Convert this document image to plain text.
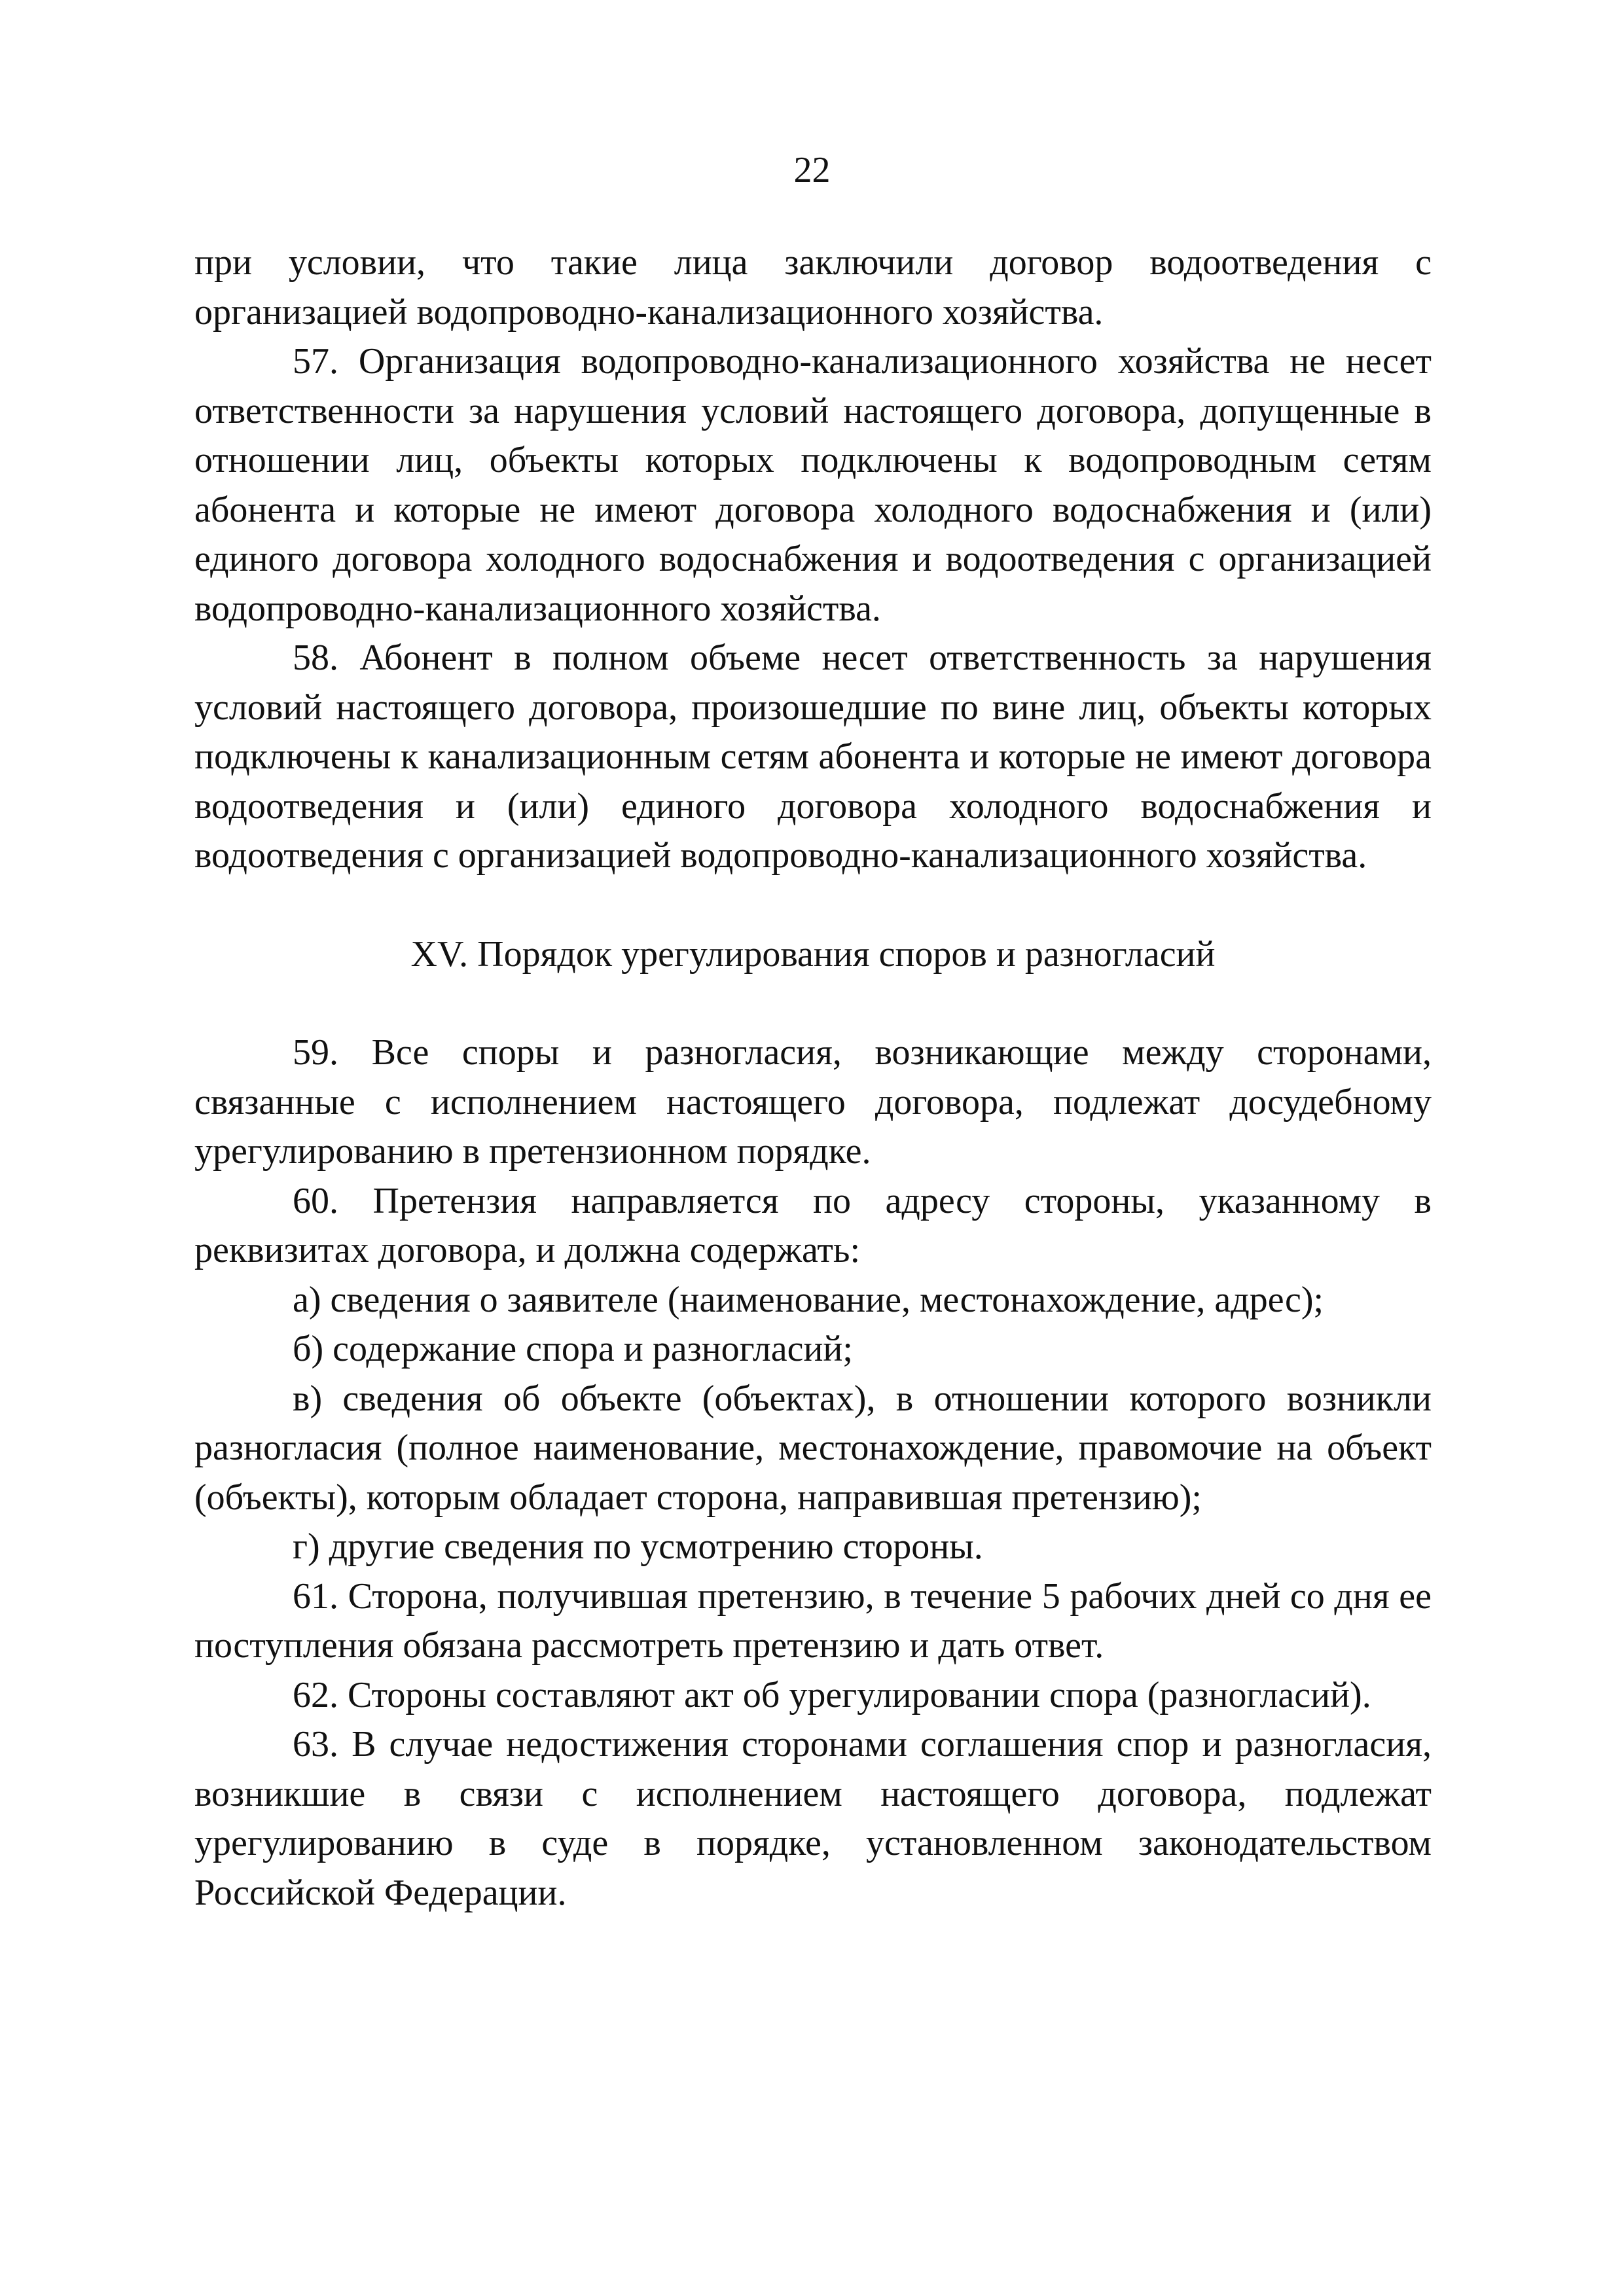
22

при условии, что такие лица заключили договор водоотведения с организацией водопроводно-канализационного хозяйства.

57. Организация водопроводно-канализационного хозяйства не несет ответственности за нарушения условий настоящего договора, допущенные в отношении лиц, объекты которых подключены к водопроводным сетям абонента и которые не имеют договора холодного водоснабжения и (или) единого договора холодного водоснабжения и водоотведения с организацией водопроводно-канализационного хозяйства.

58. Абонент в полном объеме несет ответственность за нарушения условий настоящего договора, произошедшие по вине лиц, объекты которых подключены к канализационным сетям абонента и которые не имеют договора водоотведения и (или) единого договора холодного водоснабжения и водоотведения с организацией водопроводно-канализационного хозяйства.

XV. Порядок урегулирования споров и разногласий

59. Все споры и разногласия, возникающие между сторонами, связанные с исполнением настоящего договора, подлежат досудебному урегулированию в претензионном порядке.

60. Претензия направляется по адресу стороны, указанному в реквизитах договора, и должна содержать:

а) сведения о заявителе (наименование, местонахождение, адрес);

б) содержание спора и разногласий;

в) сведения об объекте (объектах), в отношении которого возникли разногласия (полное наименование, местонахождение, правомочие на объект (объекты), которым обладает сторона, направившая претензию);

г) другие сведения по усмотрению стороны.

61. Сторона, получившая претензию, в течение 5 рабочих дней со дня ее поступления обязана рассмотреть претензию и дать ответ.

62. Стороны составляют акт об урегулировании спора (разногласий).

63. В случае недостижения сторонами соглашения спор и разногласия, возникшие в связи с исполнением настоящего договора, подлежат урегулированию в суде в порядке, установленном законодательством Российской Федерации.
